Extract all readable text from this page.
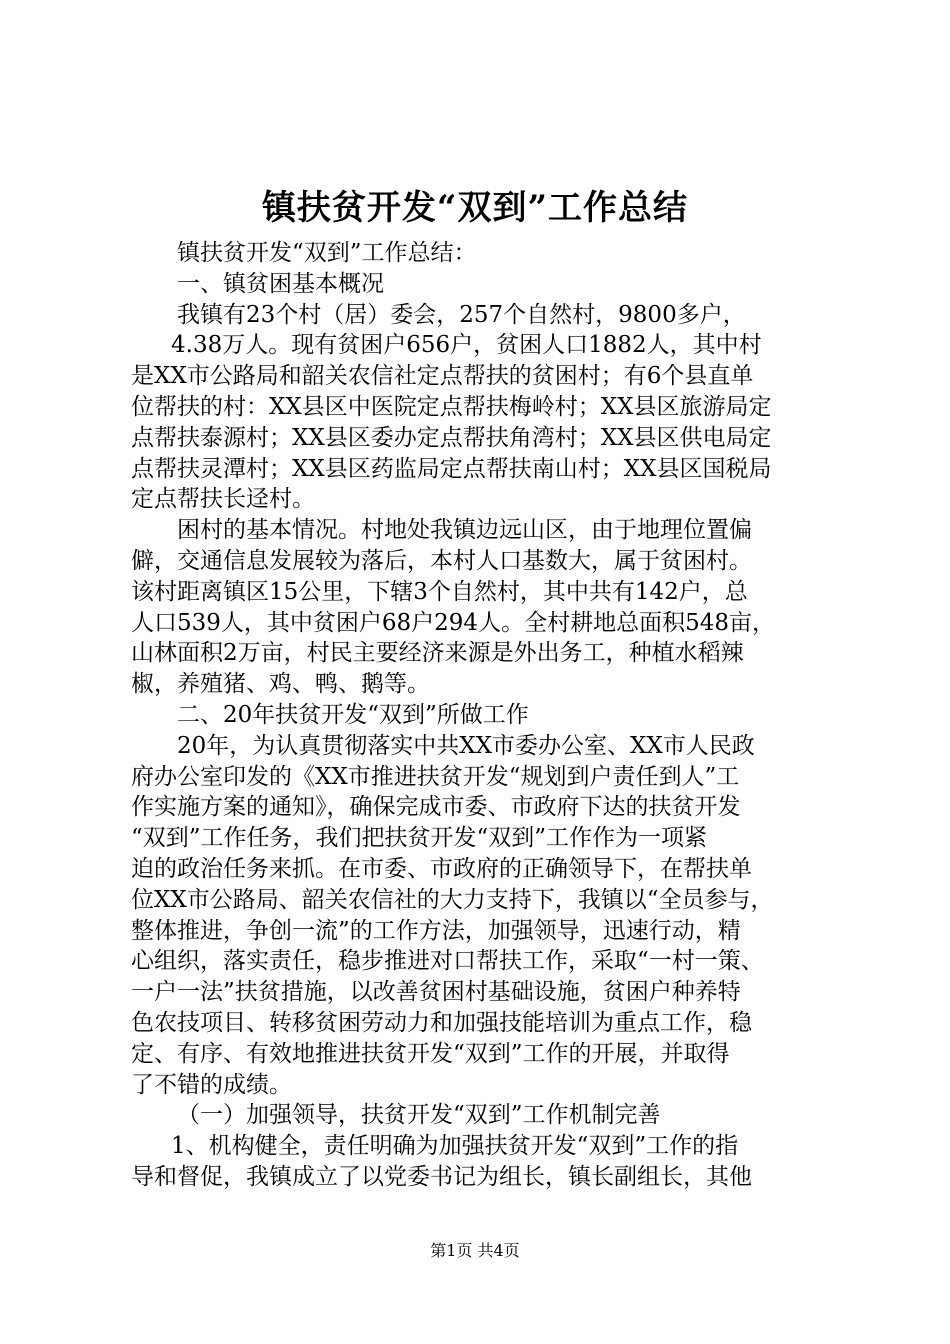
镇扶贫开发“双到”工作总结
镇扶贫开发“双到”工作总结：
一、镇贫困基本概况
我镇有23个村（居）委会，257个自然村，9800多户，
4.38万人。现有贫困户656户，贫困人口1882人，其中村
是XX市公路局和韶关农信社定点帮扶的贫困村；有6个县直单
位帮扶的村：XX县区中医院定点帮扶梅岭村；XX县区旅游局定
点帮扶泰源村；XX县区委办定点帮扶角湾村；XX县区供电局定
点帮扶灵潭村；XX县区药监局定点帮扶南山村；XX县区国税局
定点帮扶长迳村。
困村的基本情况。村地处我镇边远山区，由于地理位置偏
僻，交通信息发展较为落后，本村人口基数大，属于贫困村。
该村距离镇区15公里，下辖3个自然村，其中共有142户，总
人口539人，其中贫困户68户294人。全村耕地总面积548亩，
山林面积2万亩，村民主要经济来源是外出务工，种植水稻辣
椒，养殖猪、鸡、鸭、鹅等。
二、20年扶贫开发“双到”所做工作
20年，为认真贯彻落实中共XX市委办公室、XX市人民政
府办公室印发的《XX市推进扶贫开发“规划到户责任到人”工
作实施方案的通知》，确保完成市委、市政府下达的扶贫开发
“双到”工作任务，我们把扶贫开发“双到”工作作为一项紧
迫的政治任务来抓。在市委、市政府的正确领导下，在帮扶单
位XX市公路局、韶关农信社的大力支持下，我镇以“全员参与，
整体推进，争创一流”的工作方法，加强领导，迅速行动，精
心组织，落实责任，稳步推进对口帮扶工作，采取“一村一策、
一户一法”扶贫措施，以改善贫困村基础设施，贫困户种养特
色农技项目、转移贫困劳动力和加强技能培训为重点工作，稳
定、有序、有效地推进扶贫开发“双到”工作的开展，并取得
了不错的成绩。
（一）加强领导，扶贫开发“双到”工作机制完善
1、机构健全，责任明确为加强扶贫开发“双到”工作的指
导和督促，我镇成立了以党委书记为组长，镇长副组长，其他
第1页 共4页
